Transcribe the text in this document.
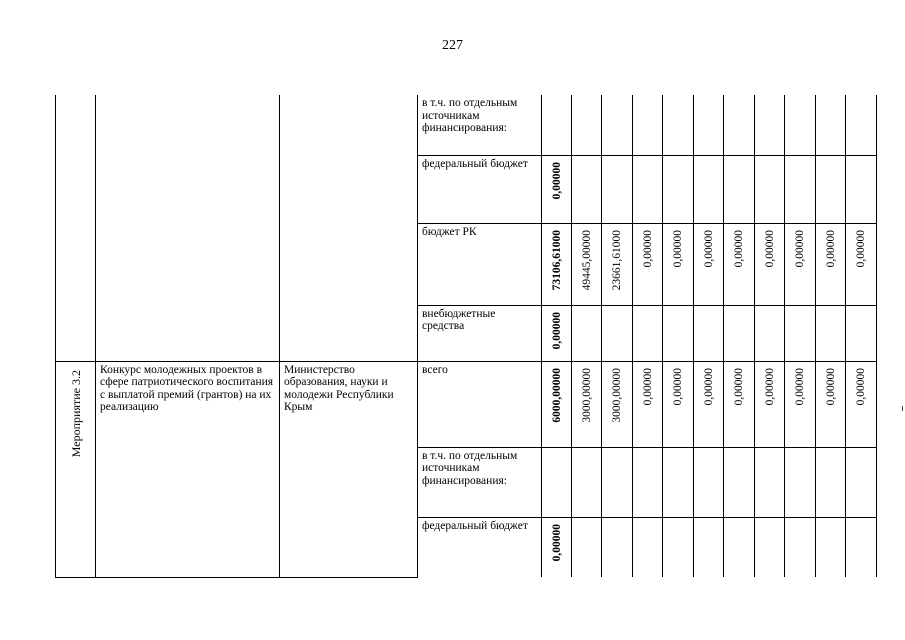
227

			в т.ч. по отдельным источникам финансирования:											

			федеральный бюджет	0,00000										

			бюджет РК	73106,61000	49445,00000	23661,61000	0,00000	0,00000	0,00000	0,00000	0,00000	0,00000	0,00000	0,00000

			внебюджетные средства	0,00000										

Мероприятие 3.2	Конкурс молодежных проектов в сфере патриотического воспитания с выплатой премий (грантов) на их реализацию	Министерство образования, науки и молодежи Республики Крым	всего	6000,00000	3000,00000	3000,00000	0,00000	0,00000	0,00000	0,00000	0,00000	0,00000	0,00000	0,00000

			в т.ч. по отдельным источникам финансирования:											

			федеральный бюджет	0,00000										
